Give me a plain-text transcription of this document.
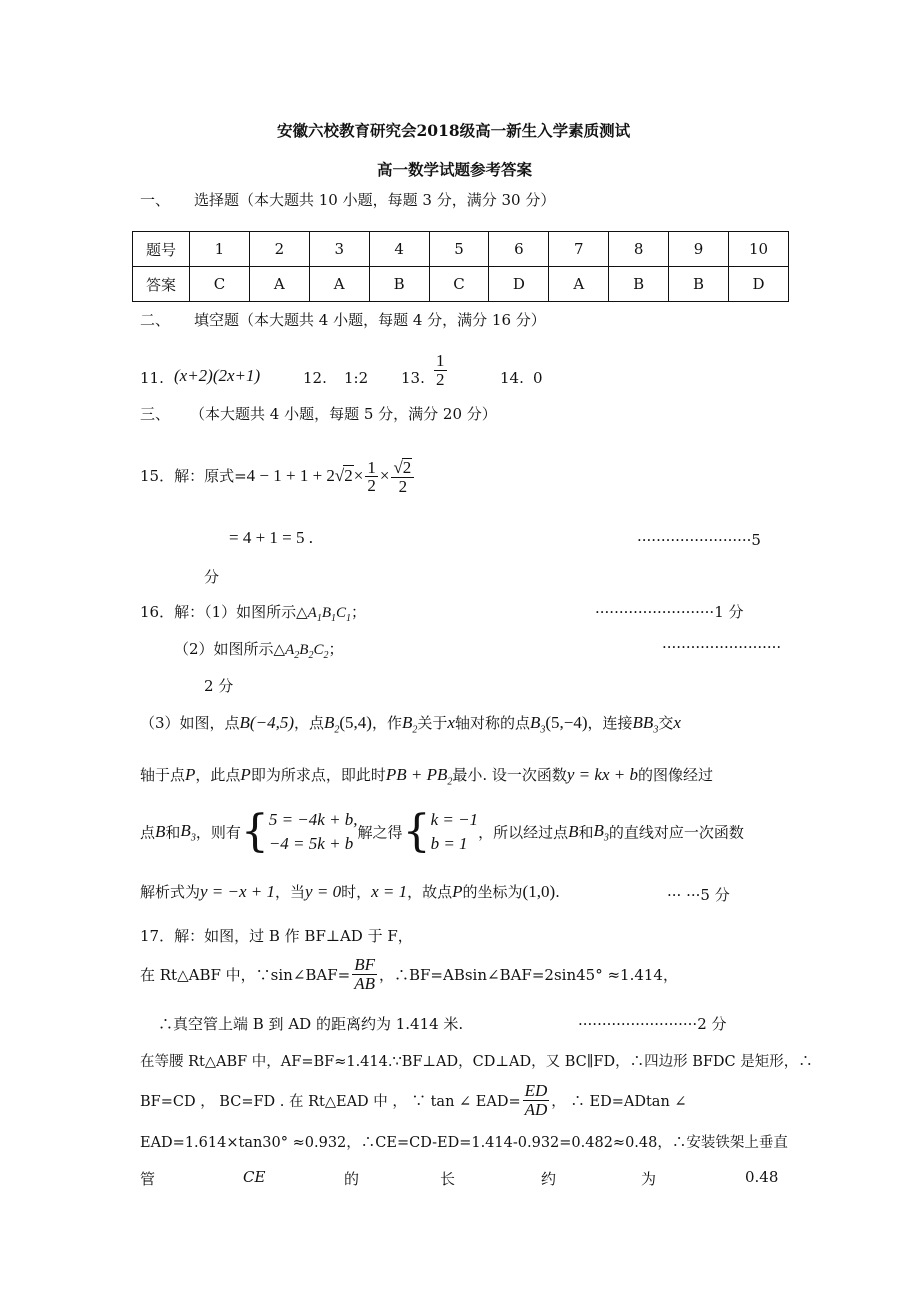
安徽六校教育研究会2018级高一新生入学素质测试
高一数学试题参考答案
一、 选择题（本大题共 10 小题，每题 3 分，满分 30 分）
题号	1	2	3	4	5	6	7	8	9	10
答案	C	A	A	B	C	D	A	B	B	D
二、 填空题（本大题共 4 小题，每题 4 分，满分 16 分）
11. (x+2)(2x+1)	12. 1:2 13. $\frac{1}{2}$	14. 0
三、 （本大题共 4 小题，每题 5 分，满分 20 分）
15．解：原式$=4 - 1 + 1 + 2√2\times \frac{1}{2} \times \frac{√2}{2}$
= 4 + 1 = 5 .	························5
分
16．解：（1）如图所示$\triangle A_1B_1C_1$；	·························1 分
（2）如图所示$\triangle A_2B_2C_2$；	·························
2 分
（3）如图，点B(−4,5)，点$B_2(5,4)$，作$B_2$关于x轴对称的点$B_3(5,-4)$，连接$BB_3$交x
轴于点P，此点P即为所求点，即此时PB + $PB_2$最小. 设一次函数y = kx + b的图像经过
点B和$B_3$，则有{ 5 = −4k + b,
−4 = 5k + b
解之得{ k = −1
b = 1
，所以经过点B和$B_3$的直线对应一次函数
解析式为y = −x + 1，当y = 0时，x = 1，故点P的坐标为(1,0).	··· ···5 分
17．解：如图，过 B 作 BF⊥AD 于 F，
在 Rt△ABF 中，∵sin∠BAF= $\frac{BF}{AB}$ ，∴BF=ABsin∠BAF=2sin45° ≈1.414，
∴真空管上端 B 到 AD 的距离约为 1.414 米.	·························2 分
在等腰 Rt△ABF 中，AF=BF≈1.414.∵BF⊥AD，CD⊥AD，又 BC∥FD，∴四边形 BFDC 是矩形，∴
BF=CD ， BC=FD . 在 Rt△EAD 中 ， ∵ tan ∠ $EAD= \frac{ED}{AD}$ ， ∴ ED=ADtan ∠
EAD=1.614×tan30° ≈0.932，∴CE=CD-ED=1.414-0.932=0.482≈0.48，∴安装铁架上垂直
管	CE	的	长	约	为	0.48
